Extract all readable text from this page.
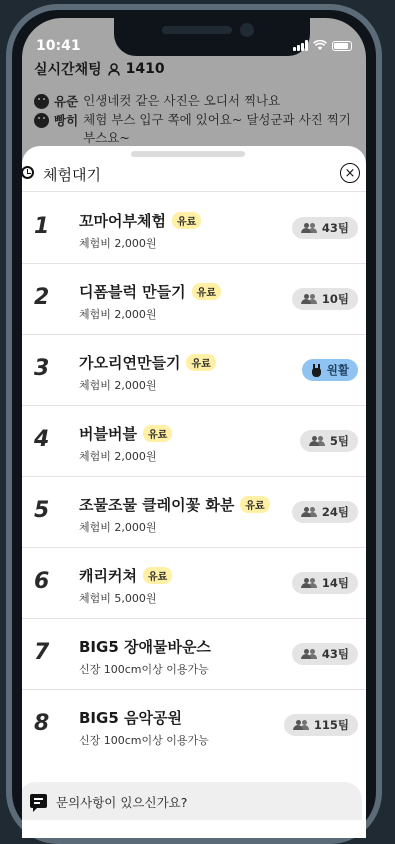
10:41
실시간채팅 1410
유준 인생네컷 같은 사진은 오디서 찍나요
빵히 체험 부스 입구 쪽에 있어요~ 달성군과 사진 찍기 부스요~
체험대기	×
1 꼬마어부체험	유료
체험비 2,000원
43팀
2 디폼블럭 만들기	유료
체험비 2,000원
10팀
3 가오리연만들기	유료
체험비 2,000원
원활
4 버블버블	유료
체험비 2,000원
5팀
5 조물조물 클레이꽃 화분	유료
체험비 2,000원
24팀
6 캐리커쳐	유료
체험비 5,000원
14팀
7 BIG5 장애물바운스
신장 100cm이상 이용가능
43팀
8 BIG5 음악공원
신장 100cm이상 이용가능
115팀
문의사항이 있으신가요?
